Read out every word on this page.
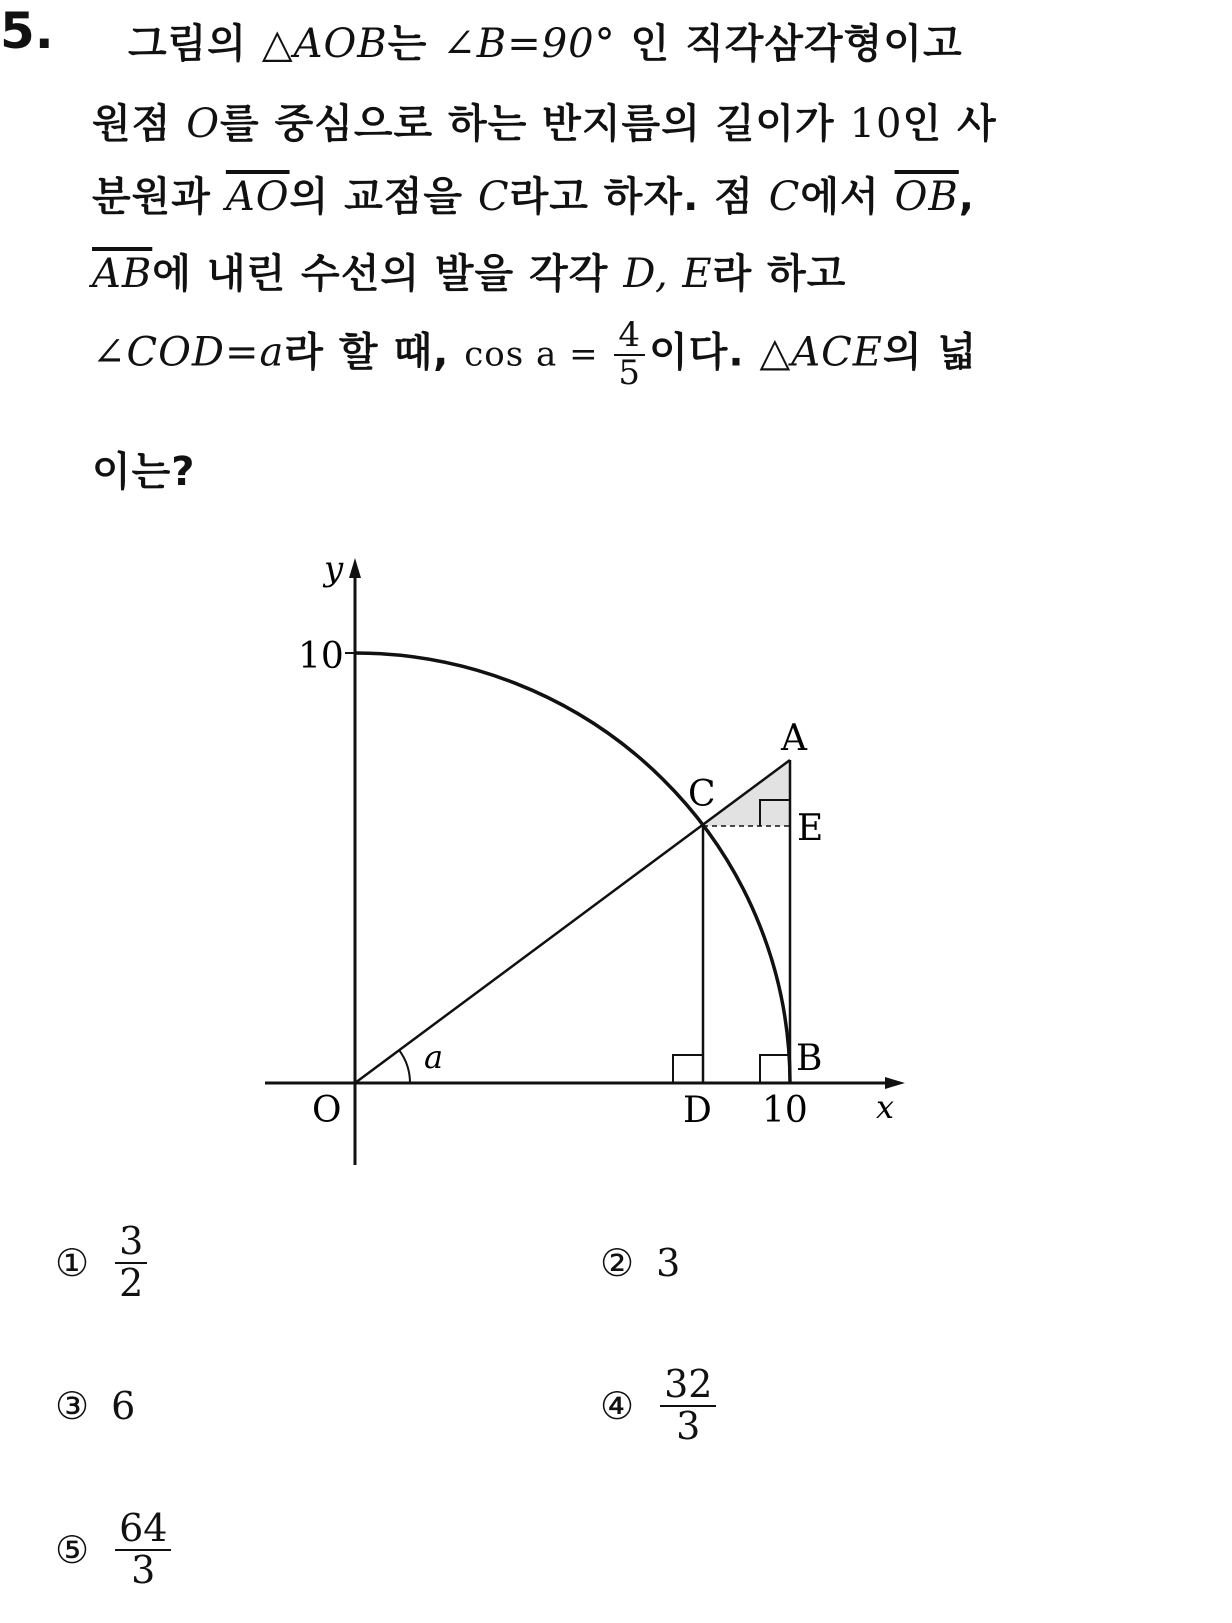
5. 그림의 △AOB는 ∠B=90° 인 직각삼각형이고
원점 O를 중심으로 하는 반지름의 길이가 10인 사
분원과 $\overline{AO}$의 교점을 C라고 하자. 점 C에서 $\overline{OB}$,
$\overline{AB}$에 내린 수선의 발을 각각 D, E라 하고
∠COD=a라 할 때, $\cos a = \frac{4}{5}$ 이다. △ACE의 넓
이는?
y
10
A
C
E
B
a
O	D 10 x
① $\frac{3}{2}$	② 3
③ 6	④ $\frac{32}{3}$
⑤ $\frac{64}{3}$
